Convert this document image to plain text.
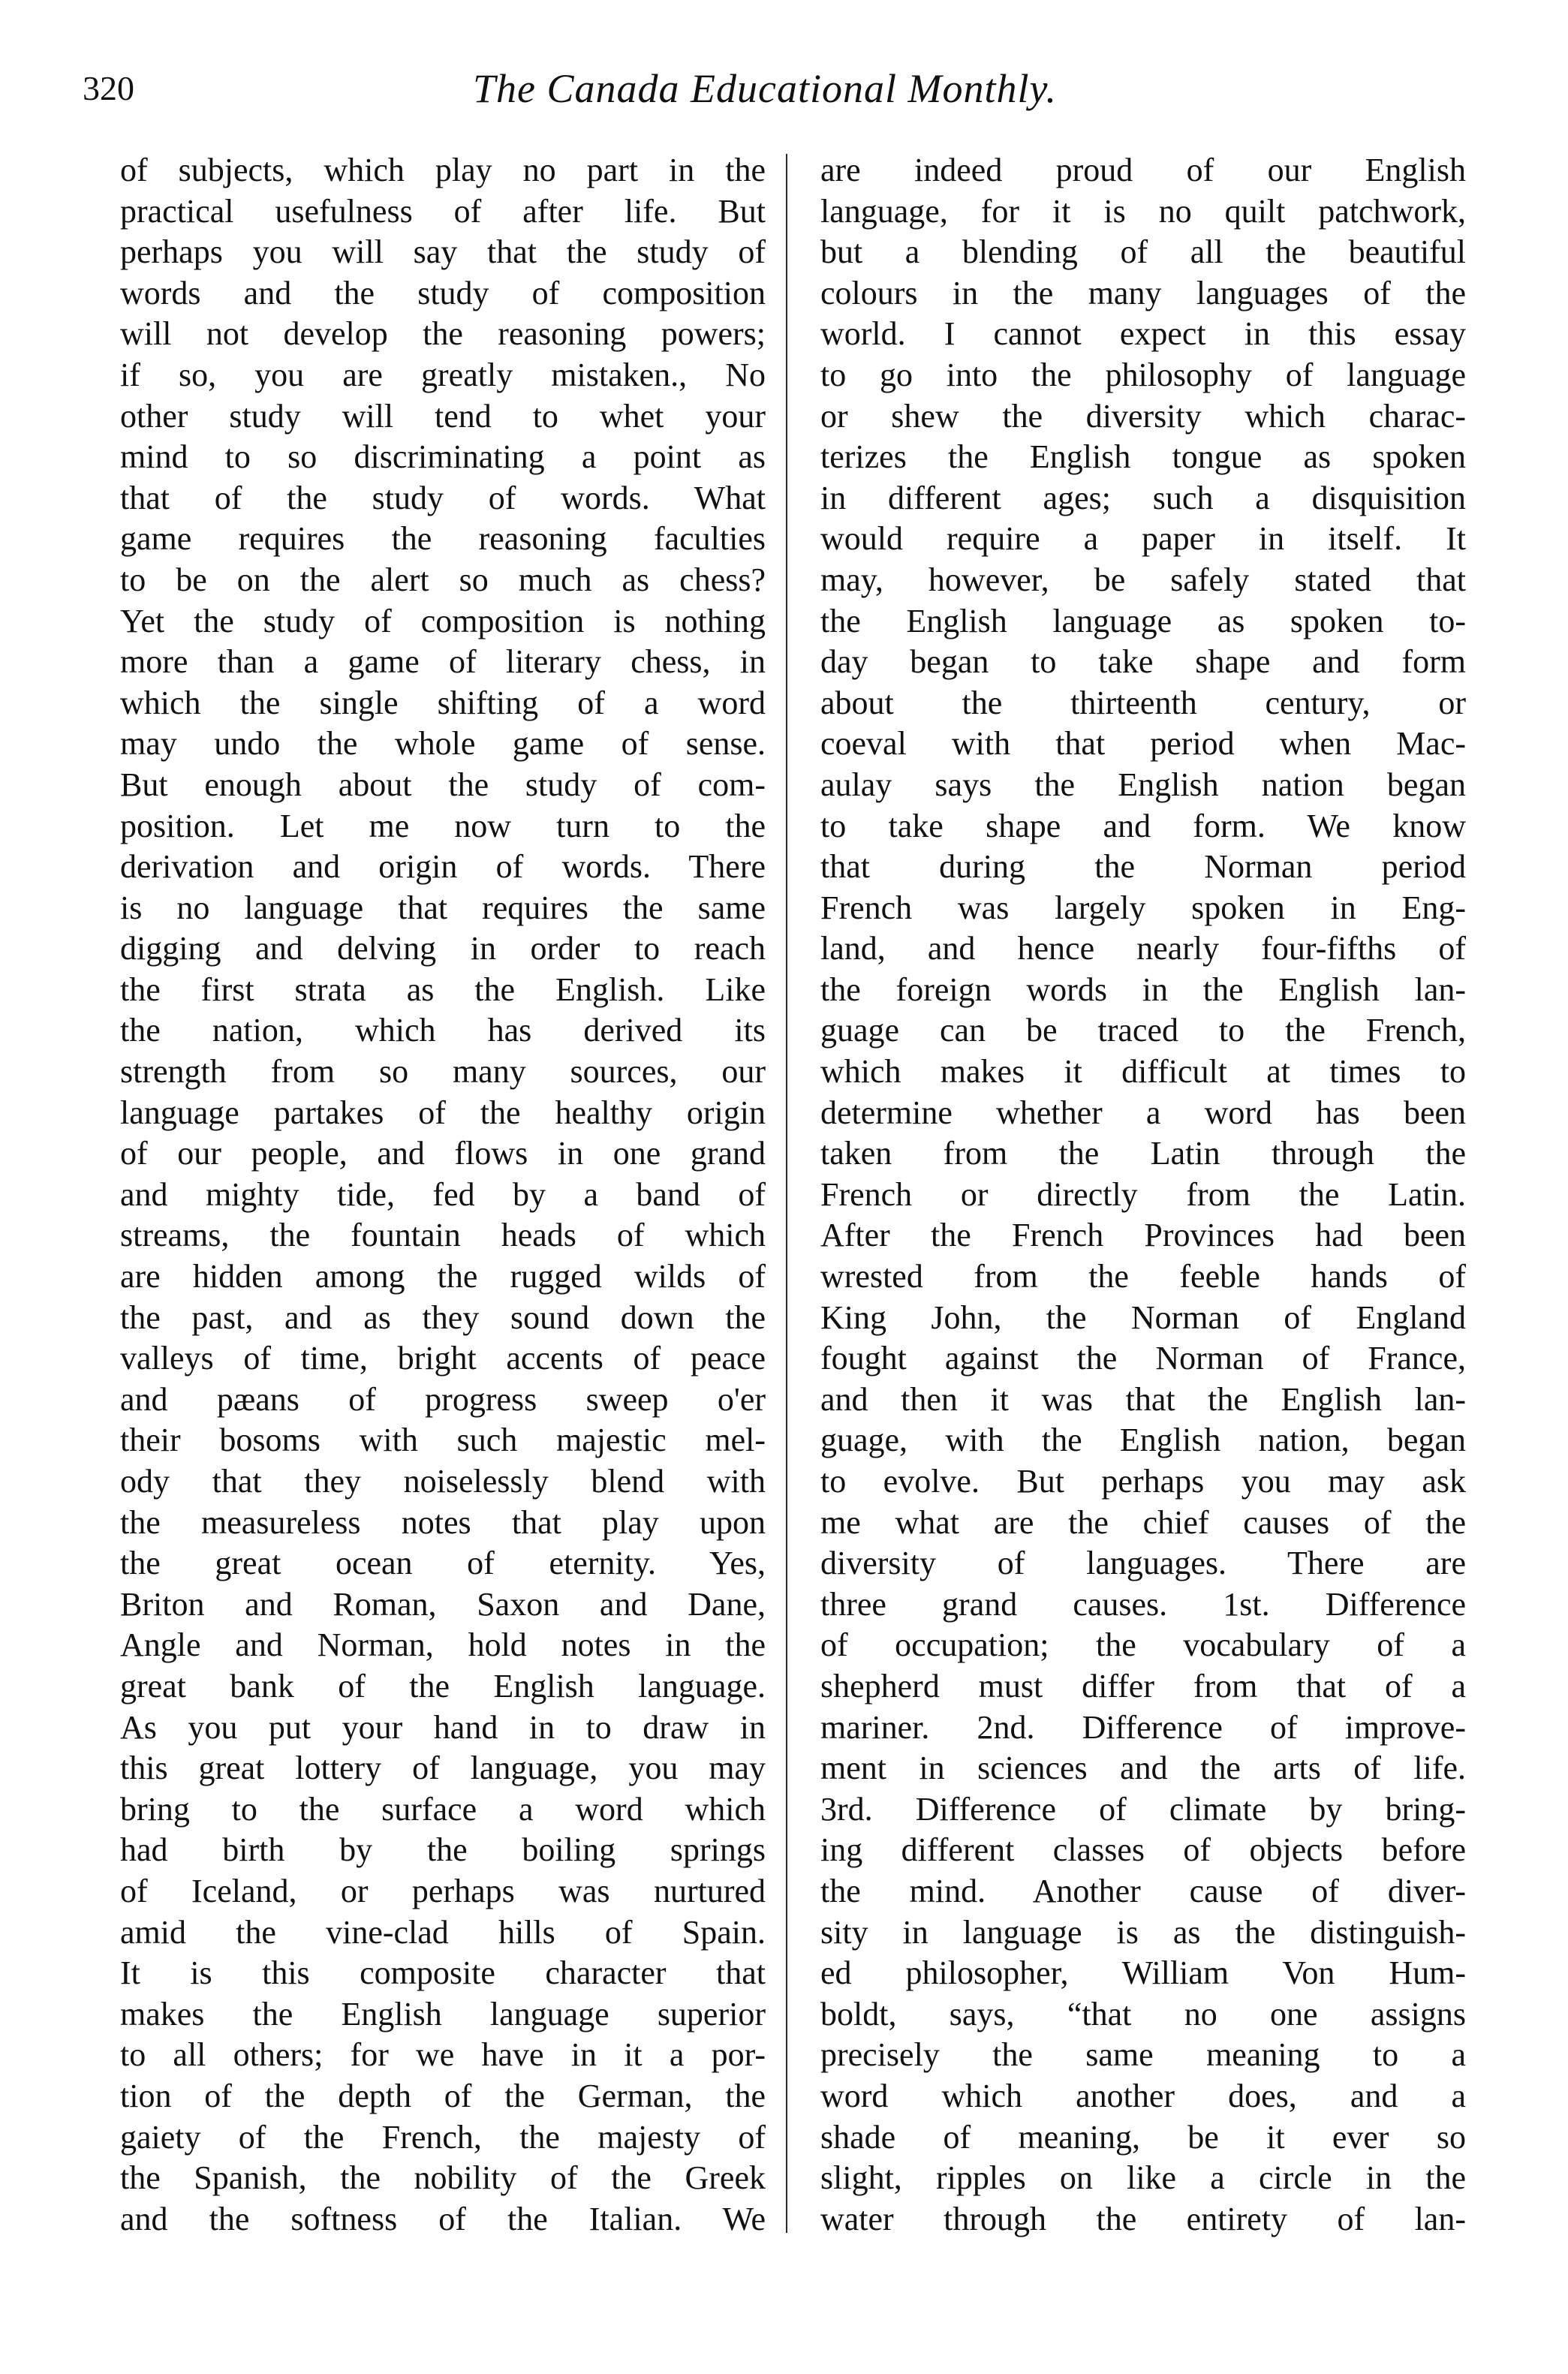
320	The Canada Educational Monthly.
of subjects, which play no part in the
practical usefulness of after life. But
perhaps you will say that the study of
words and the study of composition
will not develop the reasoning powers;
if so, you are greatly mistaken., No
other study will tend to whet your
mind to so discriminating a point as
that of the study of words. What
game requires the reasoning faculties
to be on the alert so much as chess?
Yet the study of composition is nothing
more than a game of literary chess, in
which the single shifting of a word
may undo the whole game of sense.
But enough about the study of com-
position. Let me now turn to the
derivation and origin of words. There
is no language that requires the same
digging and delving in order to reach
the first strata as the English. Like
the nation, which has derived its
strength from so many sources, our
language partakes of the healthy origin
of our people, and flows in one grand
and mighty tide, fed by a band of
streams, the fountain heads of which
are hidden among the rugged wilds of
the past, and as they sound down the
valleys of time, bright accents of peace
and pæans of progress sweep o'er
their bosoms with such majestic mel-
ody that they noiselessly blend with
the measureless notes that play upon
the great ocean of eternity. Yes,
Briton and Roman, Saxon and Dane,
Angle and Norman, hold notes in the
great bank of the English language.
As you put your hand in to draw in
this great lottery of language, you may
bring to the surface a word which
had birth by the boiling springs
of Iceland, or perhaps was nurtured
amid the vine-clad hills of Spain.
It is this composite character that
makes the English language superior
to all others; for we have in it a por-
tion of the depth of the German, the
gaiety of the French, the majesty of
the Spanish, the nobility of the Greek
and the softness of the Italian. We
are indeed proud of our English
language, for it is no quilt patchwork,
but a blending of all the beautiful
colours in the many languages of the
world. I cannot expect in this essay
to go into the philosophy of language
or shew the diversity which charac-
terizes the English tongue as spoken
in different ages; such a disquisition
would require a paper in itself. It
may, however, be safely stated that
the English language as spoken to-
day began to take shape and form
about the thirteenth century, or
coeval with that period when Mac-
aulay says the English nation began
to take shape and form. We know
that during the Norman period
French was largely spoken in Eng-
land, and hence nearly four-fifths of
the foreign words in the English lan-
guage can be traced to the French,
which makes it difficult at times to
determine whether a word has been
taken from the Latin through the
French or directly from the Latin.
After the French Provinces had been
wrested from the feeble hands of
King John, the Norman of England
fought against the Norman of France,
and then it was that the English lan-
guage, with the English nation, began
to evolve. But perhaps you may ask
me what are the chief causes of the
diversity of languages. There are
three grand causes. 1st. Difference
of occupation; the vocabulary of a
shepherd must differ from that of a
mariner. 2nd. Difference of improve-
ment in sciences and the arts of life.
3rd. Difference of climate by bring-
ing different classes of objects before
the mind. Another cause of diver-
sity in language is as the distinguish-
ed philosopher, William Von Hum-
boldt, says, “that no one assigns
precisely the same meaning to a
word which another does, and a
shade of meaning, be it ever so
slight, ripples on like a circle in the
water through the entirety of lan-
